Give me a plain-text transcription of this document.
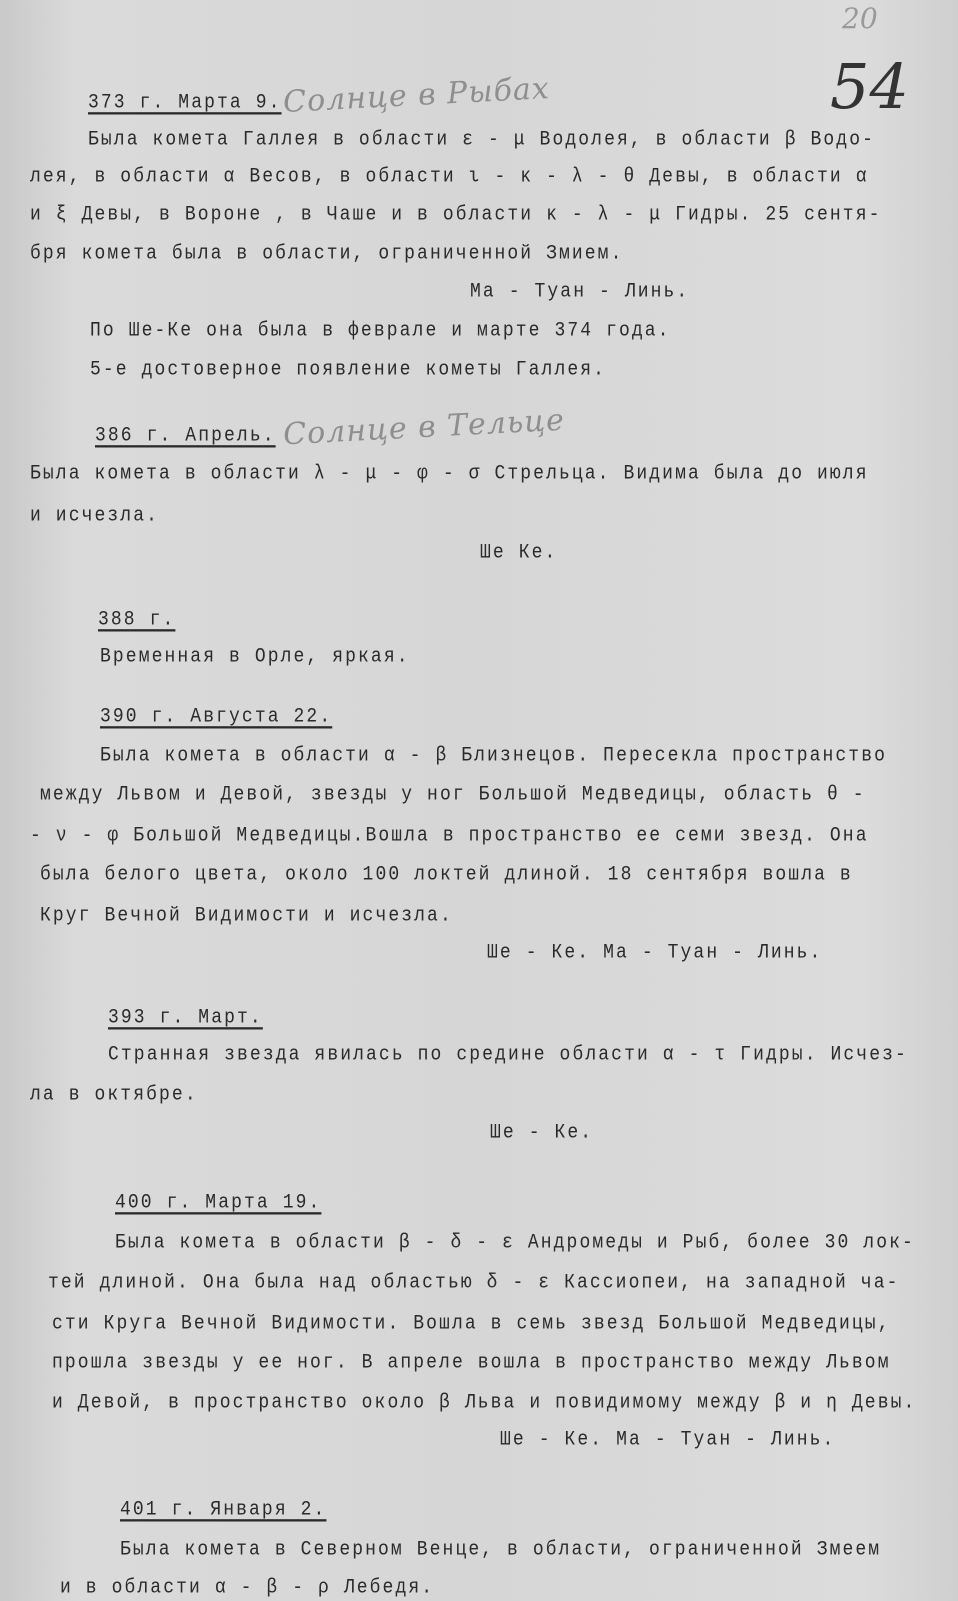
20
54
373 г. Марта 9. Солнце в Рыбах
Была комета Галлея в области ε - μ Водолея, в области β Водо-
лея, в области α Весов, в области ι - κ - λ - θ Девы, в области α
и ξ Девы, в Вороне , в Чаше и в области κ - λ - μ Гидры. 25 сентя-
бря комета была в области, ограниченной Змием.
Ма - Туан - Линь.
По Ше-Ке она была в феврале и марте 374 года.
5-е достоверное появление кометы Галлея.
386 г. Апрель. Солнце в Тельце
Была комета в области λ - μ - φ - σ Стрельца. Видима была до июля
и исчезла.
Ше Ке.
388 г.
Временная в Орле, яркая.
390 г. Августа 22.
Была комета в области α - β Близнецов. Пересекла пространство
между Львом и Девой, звезды у ног Большой Медведицы, область θ -
- ν - φ Большой Медведицы.Вошла в пространство ее семи звезд. Она
была белого цвета, около 100 локтей длиной. 18 сентября вошла в
Круг Вечной Видимости и исчезла.
Ше - Ке. Ма - Туан - Линь.
393 г. Март.
Странная звезда явилась по средине области α - τ Гидры. Исчез-
ла в октябре.
Ше - Ке.
400 г. Марта 19.
Была комета в области β - δ - ε Андромеды и Рыб, более 30 лок-
тей длиной. Она была над областью δ - ε Кассиопеи, на западной ча-
сти Круга Вечной Видимости. Вошла в семь звезд Большой Медведицы,
прошла звезды у ее ног. В апреле вошла в пространство между Львом
и Девой, в пространство около β Льва и повидимому между β и η Девы.
Ше - Ке. Ма - Туан - Линь.
401 г. Января 2.
Была комета в Северном Венце, в области, ограниченной Змеем
и в области α - β - ρ Лебедя.
